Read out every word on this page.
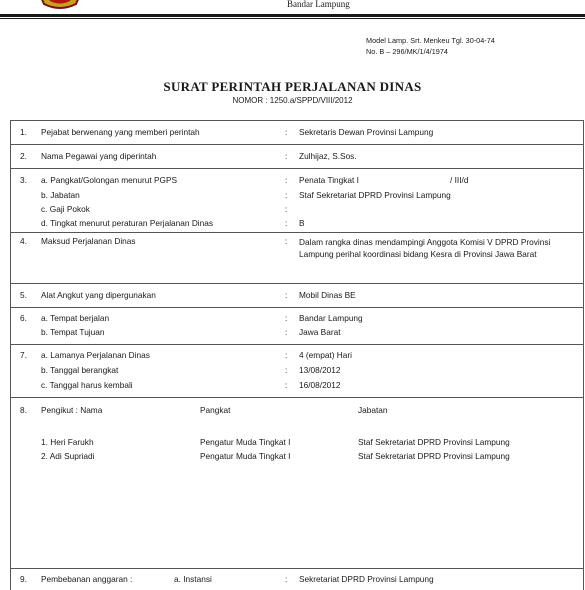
Bandar Lampung
Model Lamp. Srt. Menkeu Tgl. 30-04-74
No. B – 296/MK/1/4/1974
SURAT PERINTAH PERJALANAN DINAS
NOMOR : 1250.a/SPPD/VIII/2012
1. Pejabat berwenang yang memberi perintah	: Sekretaris Dewan Provinsi Lampung
2. Nama Pegawai yang diperintah	: Zulhijaz, S.Sos.
3. a. Pangkat/Golongan menurut PGPS	: Penata Tingkat I	/ III/d
b. Jabatan	: Staf Sekretariat DPRD Provinsi Lampung
c. Gaji Pokok	:
d. Tingkat menurut peraturan Perjalanan Dinas	: B
4. Maksud Perjalanan Dinas	: Dalam rangka dinas mendampingi Anggota Komisi V DPRD Provinsi Lampung perihal koordinasi bidang Kesra di Provinsi Jawa Barat
5. Alat Angkut yang dipergunakan	: Mobil Dinas BE
6. a. Tempat berjalan	: Bandar Lampung
b. Tempat Tujuan	: Jawa Barat
7. a. Lamanya Perjalanan Dinas	: 4 (empat) Hari
b. Tanggal berangkat	: 13/08/2012
c. Tanggal harus kembali	: 16/08/2012
8. Pengikut : Nama	Pangkat	Jabatan
1. Heri Farukh	Pengatur Muda Tingkat I	Staf Sekretariat DPRD Provinsi Lampung
2. Adi Supriadi	Pengatur Muda Tingkat I	Staf Sekretariat DPRD Provinsi Lampung
9. Pembebanan anggaran :	a. Instansi	: Sekretariat DPRD Provinsi Lampung
